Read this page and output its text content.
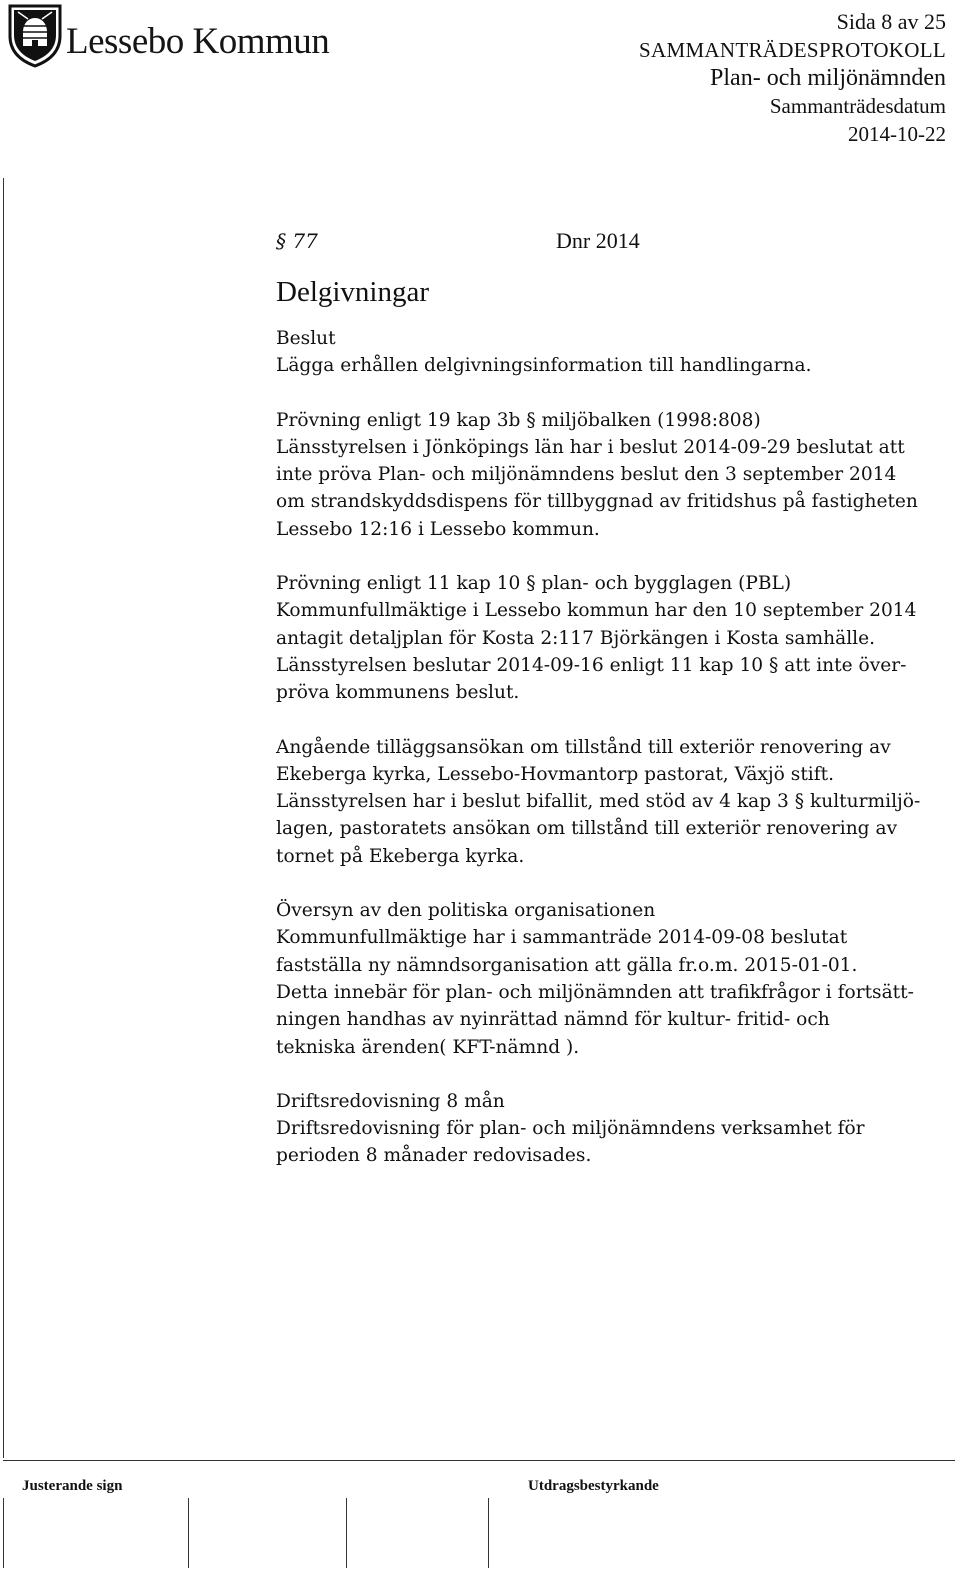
Lessebo Kommun	Sida 8 av 25
SAMMANTRÄDESPROTOKOLL
Plan- och miljönämnden
Sammanträdesdatum
2014-10-22
§ 77	Dnr 2014
Delgivningar
Beslut
Lägga erhållen delgivningsinformation till handlingarna.
Prövning enligt 19 kap 3b § miljöbalken (1998:808)
Länsstyrelsen i Jönköpings län har i beslut 2014-09-29 beslutat att
inte pröva Plan- och miljönämndens beslut den 3 september 2014
om strandskyddsdispens för tillbyggnad av fritidshus på fastigheten
Lessebo 12:16 i Lessebo kommun.
Prövning enligt 11 kap 10 § plan- och bygglagen (PBL)
Kommunfullmäktige i Lessebo kommun har den 10 september 2014
antagit detaljplan för Kosta 2:117 Björkängen i Kosta samhälle.
Länsstyrelsen beslutar 2014-09-16 enligt 11 kap 10 § att inte över-
pröva kommunens beslut.
Angående tilläggsansökan om tillstånd till exteriör renovering av
Ekeberga kyrka, Lessebo-Hovmantorp pastorat, Växjö stift.
Länsstyrelsen har i beslut bifallit, med stöd av 4 kap 3 § kulturmiljö-
lagen, pastoratets ansökan om tillstånd till exteriör renovering av
tornet på Ekeberga kyrka.
Översyn av den politiska organisationen
Kommunfullmäktige har i sammanträde 2014-09-08 beslutat
fastställa ny nämndsorganisation att gälla fr.o.m. 2015-01-01.
Detta innebär för plan- och miljönämnden att trafikfrågor i fortsätt-
ningen handhas av nyinrättad nämnd för kultur- fritid- och
tekniska ärenden( KFT-nämnd ).
Driftsredovisning 8 mån
Driftsredovisning för plan- och miljönämndens verksamhet för
perioden 8 månader redovisades.
Justerande sign	Utdragsbestyrkande
